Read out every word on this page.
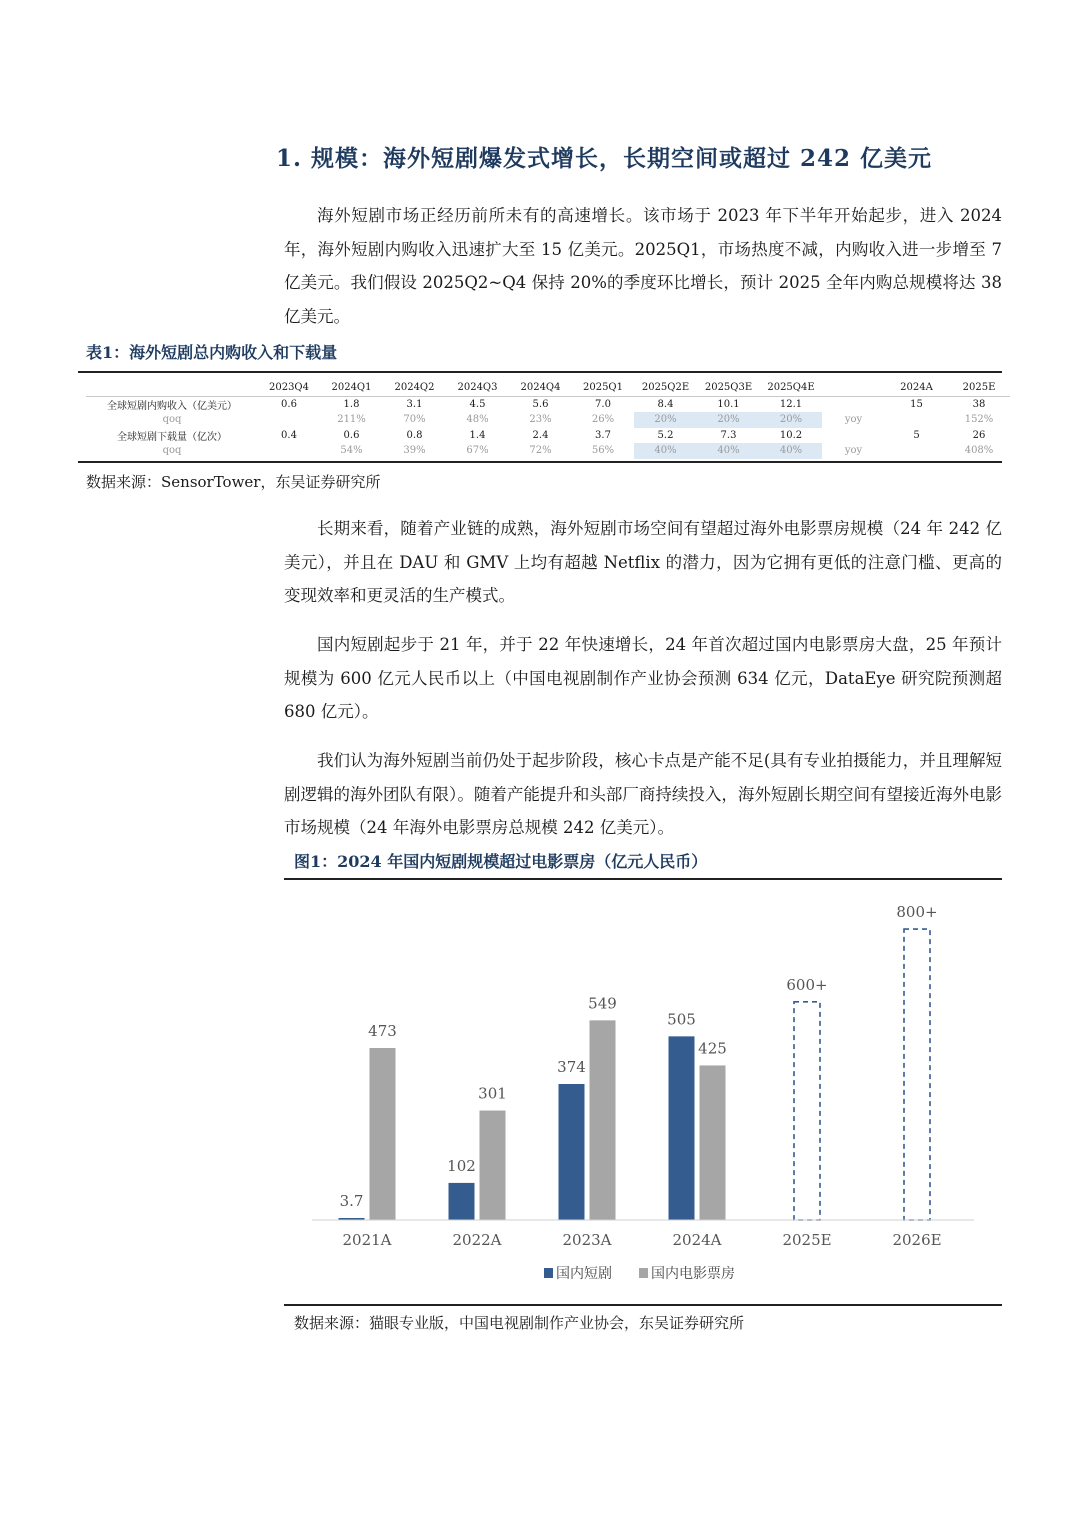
1. 规模：海外短剧爆发式增长，长期空间或超过 242 亿美元

海外短剧市场正经历前所未有的高速增长。该市场于 2023 年下半年开始起步，进入 2024 年，海外短剧内购收入迅速扩大至 15 亿美元。2025Q1，市场热度不减，内购收入进一步增至 7 亿美元。我们假设 2025Q2~Q4 保持 20%的季度环比增长，预计 2025 全年内购总规模将达 38 亿美元。

表1：海外短剧总内购收入和下载量
	2023Q4	2024Q1	2024Q2	2024Q3	2024Q4	2025Q1	2025Q2E	2025Q3E	2025Q4E		2024A	2025E
全球短剧内购收入（亿美元）	0.6	1.8	3.1	4.5	5.6	7.0	8.4	10.1	12.1		15	38
qoq		211%	70%	48%	23%	26%	20%	20%	20%	yoy		152%
全球短剧下载量（亿次）	0.4	0.6	0.8	1.4	2.4	3.7	5.2	7.3	10.2		5	26
qoq		54%	39%	67%	72%	56%	40%	40%	40%	yoy		408%
数据来源：SensorTower，东吴证券研究所

长期来看，随着产业链的成熟，海外短剧市场空间有望超过海外电影票房规模（24 年 242 亿美元），并且在 DAU 和 GMV 上均有超越 Netflix 的潜力，因为它拥有更低的注意门槛、更高的变现效率和更灵活的生产模式。

国内短剧起步于 21 年，并于 22 年快速增长，24 年首次超过国内电影票房大盘，25 年预计规模为 600 亿元人民币以上（中国电视剧制作产业协会预测 634 亿元，DataEye 研究院预测超 680 亿元）。

我们认为海外短剧当前仍处于起步阶段，核心卡点是产能不足(具有专业拍摄能力，并且理解短剧逻辑的海外团队有限）。随着产能提升和头部厂商持续投入，海外短剧长期空间有望接近海外电影市场规模（24 年海外电影票房总规模 242 亿美元）。

图1：2024 年国内短剧规模超过电影票房（亿元人民币）
3.7
473
102
301
374
549
505
425
600+
800+
2021A	2022A	2023A	2024A	2025E	2026E
国内短剧	国内电影票房
数据来源：猫眼专业版，中国电视剧制作产业协会，东吴证券研究所
